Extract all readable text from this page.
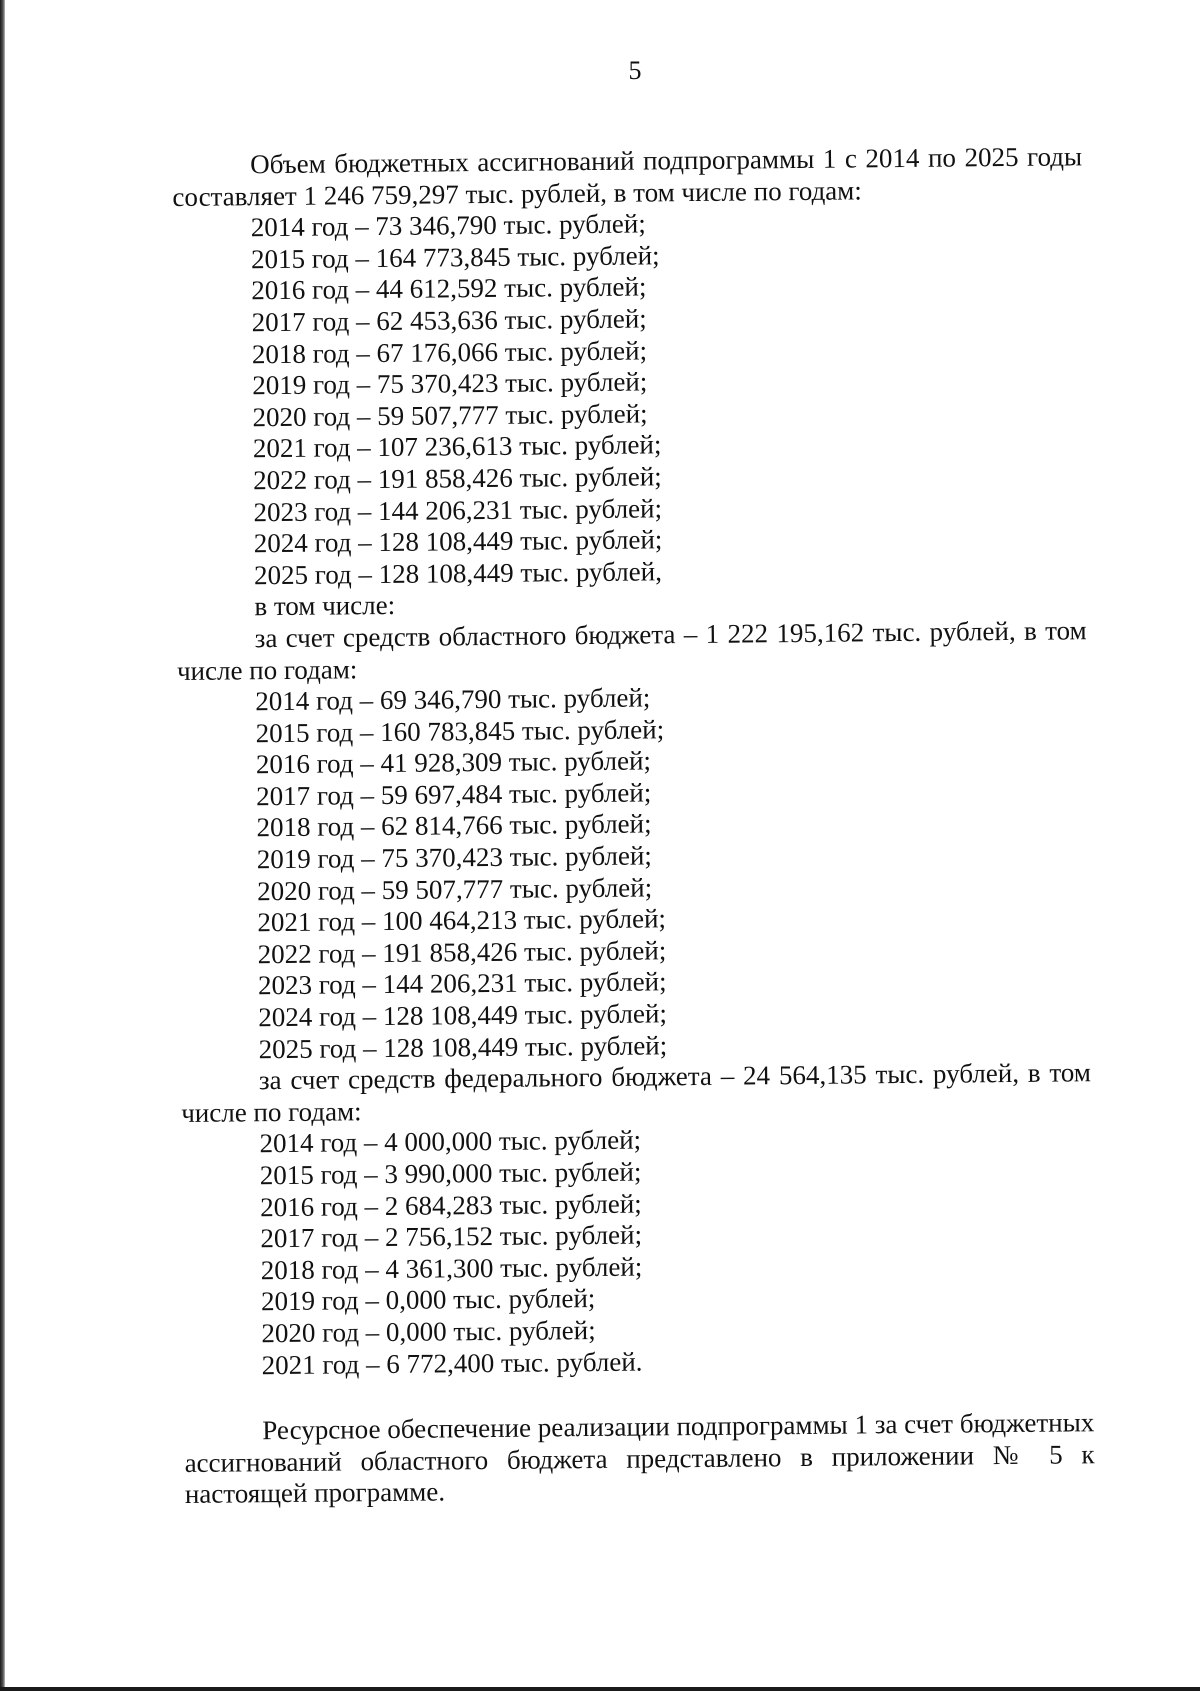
5

Объем бюджетных ассигнований подпрограммы 1 с 2014 по 2025 годы составляет 1 246 759,297 тыс. рублей, в том числе по годам:

2014 год – 73 346,790 тыс. рублей;

2015 год – 164 773,845 тыс. рублей;

2016 год – 44 612,592 тыс. рублей;

2017 год – 62 453,636 тыс. рублей;

2018 год – 67 176,066 тыс. рублей;

2019 год – 75 370,423 тыс. рублей;

2020 год – 59 507,777 тыс. рублей;

2021 год – 107 236,613 тыс. рублей;

2022 год – 191 858,426 тыс. рублей;

2023 год – 144 206,231 тыс. рублей;

2024 год – 128 108,449 тыс. рублей;

2025 год – 128 108,449 тыс. рублей,

в том числе:

за счет средств областного бюджета – 1 222 195,162 тыс. рублей, в том числе по годам:

2014 год – 69 346,790 тыс. рублей;

2015 год – 160 783,845 тыс. рублей;

2016 год – 41 928,309 тыс. рублей;

2017 год – 59 697,484 тыс. рублей;

2018 год – 62 814,766 тыс. рублей;

2019 год – 75 370,423 тыс. рублей;

2020 год – 59 507,777 тыс. рублей;

2021 год – 100 464,213 тыс. рублей;

2022 год – 191 858,426 тыс. рублей;

2023 год – 144 206,231 тыс. рублей;

2024 год – 128 108,449 тыс. рублей;

2025 год – 128 108,449 тыс. рублей;

за счет средств федерального бюджета – 24 564,135 тыс. рублей, в том числе по годам:

2014 год – 4 000,000 тыс. рублей;

2015 год – 3 990,000 тыс. рублей;

2016 год – 2 684,283 тыс. рублей;

2017 год – 2 756,152 тыс. рублей;

2018 год – 4 361,300 тыс. рублей;

2019 год – 0,000 тыс. рублей;

2020 год – 0,000 тыс. рублей;

2021 год – 6 772,400 тыс. рублей.

Ресурсное обеспечение реализации подпрограммы 1 за счет бюджетных ассигнований областного бюджета представлено в приложении № 5 к настоящей программе.
